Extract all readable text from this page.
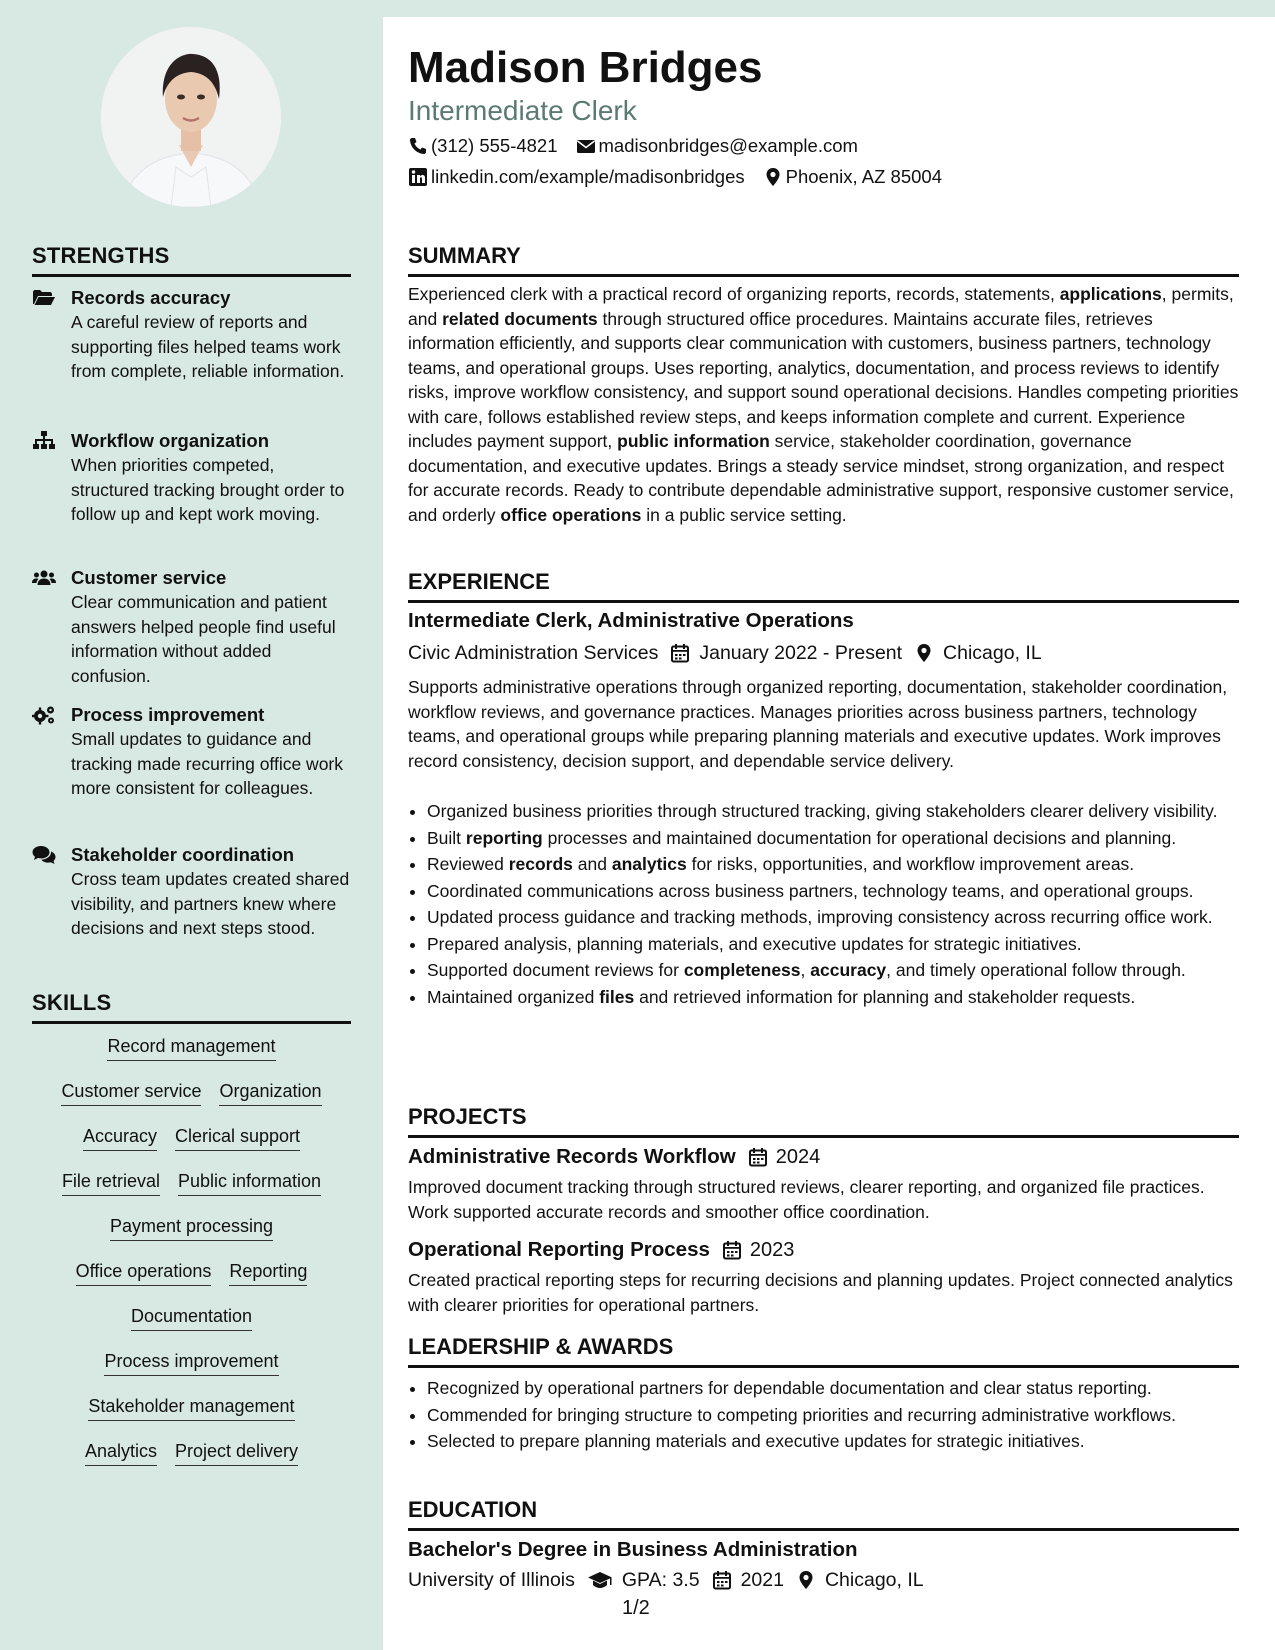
Madison Bridges
Intermediate Clerk
(312) 555-4821 madisonbridges@example.com
linkedin.com/example/madisonbridges Phoenix, AZ 85004
STRENGTHS
Records accuracy
A careful review of reports and supporting files helped teams work from complete, reliable information.
Workflow organization
When priorities competed, structured tracking brought order to follow up and kept work moving.
Customer service
Clear communication and patient answers helped people find useful information without added confusion.
Process improvement
Small updates to guidance and tracking made recurring office work more consistent for colleagues.
Stakeholder coordination
Cross team updates created shared visibility, and partners knew where decisions and next steps stood.
SKILLS
Record management
Customer service Organization
Accuracy Clerical support
File retrieval Public information
Payment processing
Office operations Reporting
Documentation
Process improvement
Stakeholder management
Analytics Project delivery
SUMMARY
Experienced clerk with a practical record of organizing reports, records, statements, applications, permits, and related documents through structured office procedures. Maintains accurate files, retrieves information efficiently, and supports clear communication with customers, business partners, technology teams, and operational groups. Uses reporting, analytics, documentation, and process reviews to identify risks, improve workflow consistency, and support sound operational decisions. Handles competing priorities with care, follows established review steps, and keeps information complete and current. Experience includes payment support, public information service, stakeholder coordination, governance documentation, and executive updates. Brings a steady service mindset, strong organization, and respect for accurate records. Ready to contribute dependable administrative support, responsive customer service, and orderly office operations in a public service setting.
EXPERIENCE
Intermediate Clerk, Administrative Operations
Civic Administration Services January 2022 - Present Chicago, IL
Supports administrative operations through organized reporting, documentation, stakeholder coordination, workflow reviews, and governance practices. Manages priorities across business partners, technology teams, and operational groups while preparing planning materials and executive updates. Work improves record consistency, decision support, and dependable service delivery.
• Organized business priorities through structured tracking, giving stakeholders clearer delivery visibility.
• Built reporting processes and maintained documentation for operational decisions and planning.
• Reviewed records and analytics for risks, opportunities, and workflow improvement areas.
• Coordinated communications across business partners, technology teams, and operational groups.
• Updated process guidance and tracking methods, improving consistency across recurring office work.
• Prepared analysis, planning materials, and executive updates for strategic initiatives.
• Supported document reviews for completeness, accuracy, and timely operational follow through.
• Maintained organized files and retrieved information for planning and stakeholder requests.
PROJECTS
Administrative Records Workflow 2024
Improved document tracking through structured reviews, clearer reporting, and organized file practices. Work supported accurate records and smoother office coordination.
Operational Reporting Process 2023
Created practical reporting steps for recurring decisions and planning updates. Project connected analytics with clearer priorities for operational partners.
LEADERSHIP & AWARDS
• Recognized by operational partners for dependable documentation and clear status reporting.
• Commended for bringing structure to competing priorities and recurring administrative workflows.
• Selected to prepare planning materials and executive updates for strategic initiatives.
EDUCATION
Bachelor's Degree in Business Administration
University of Illinois GPA: 3.5 2021 Chicago, IL
1/2
